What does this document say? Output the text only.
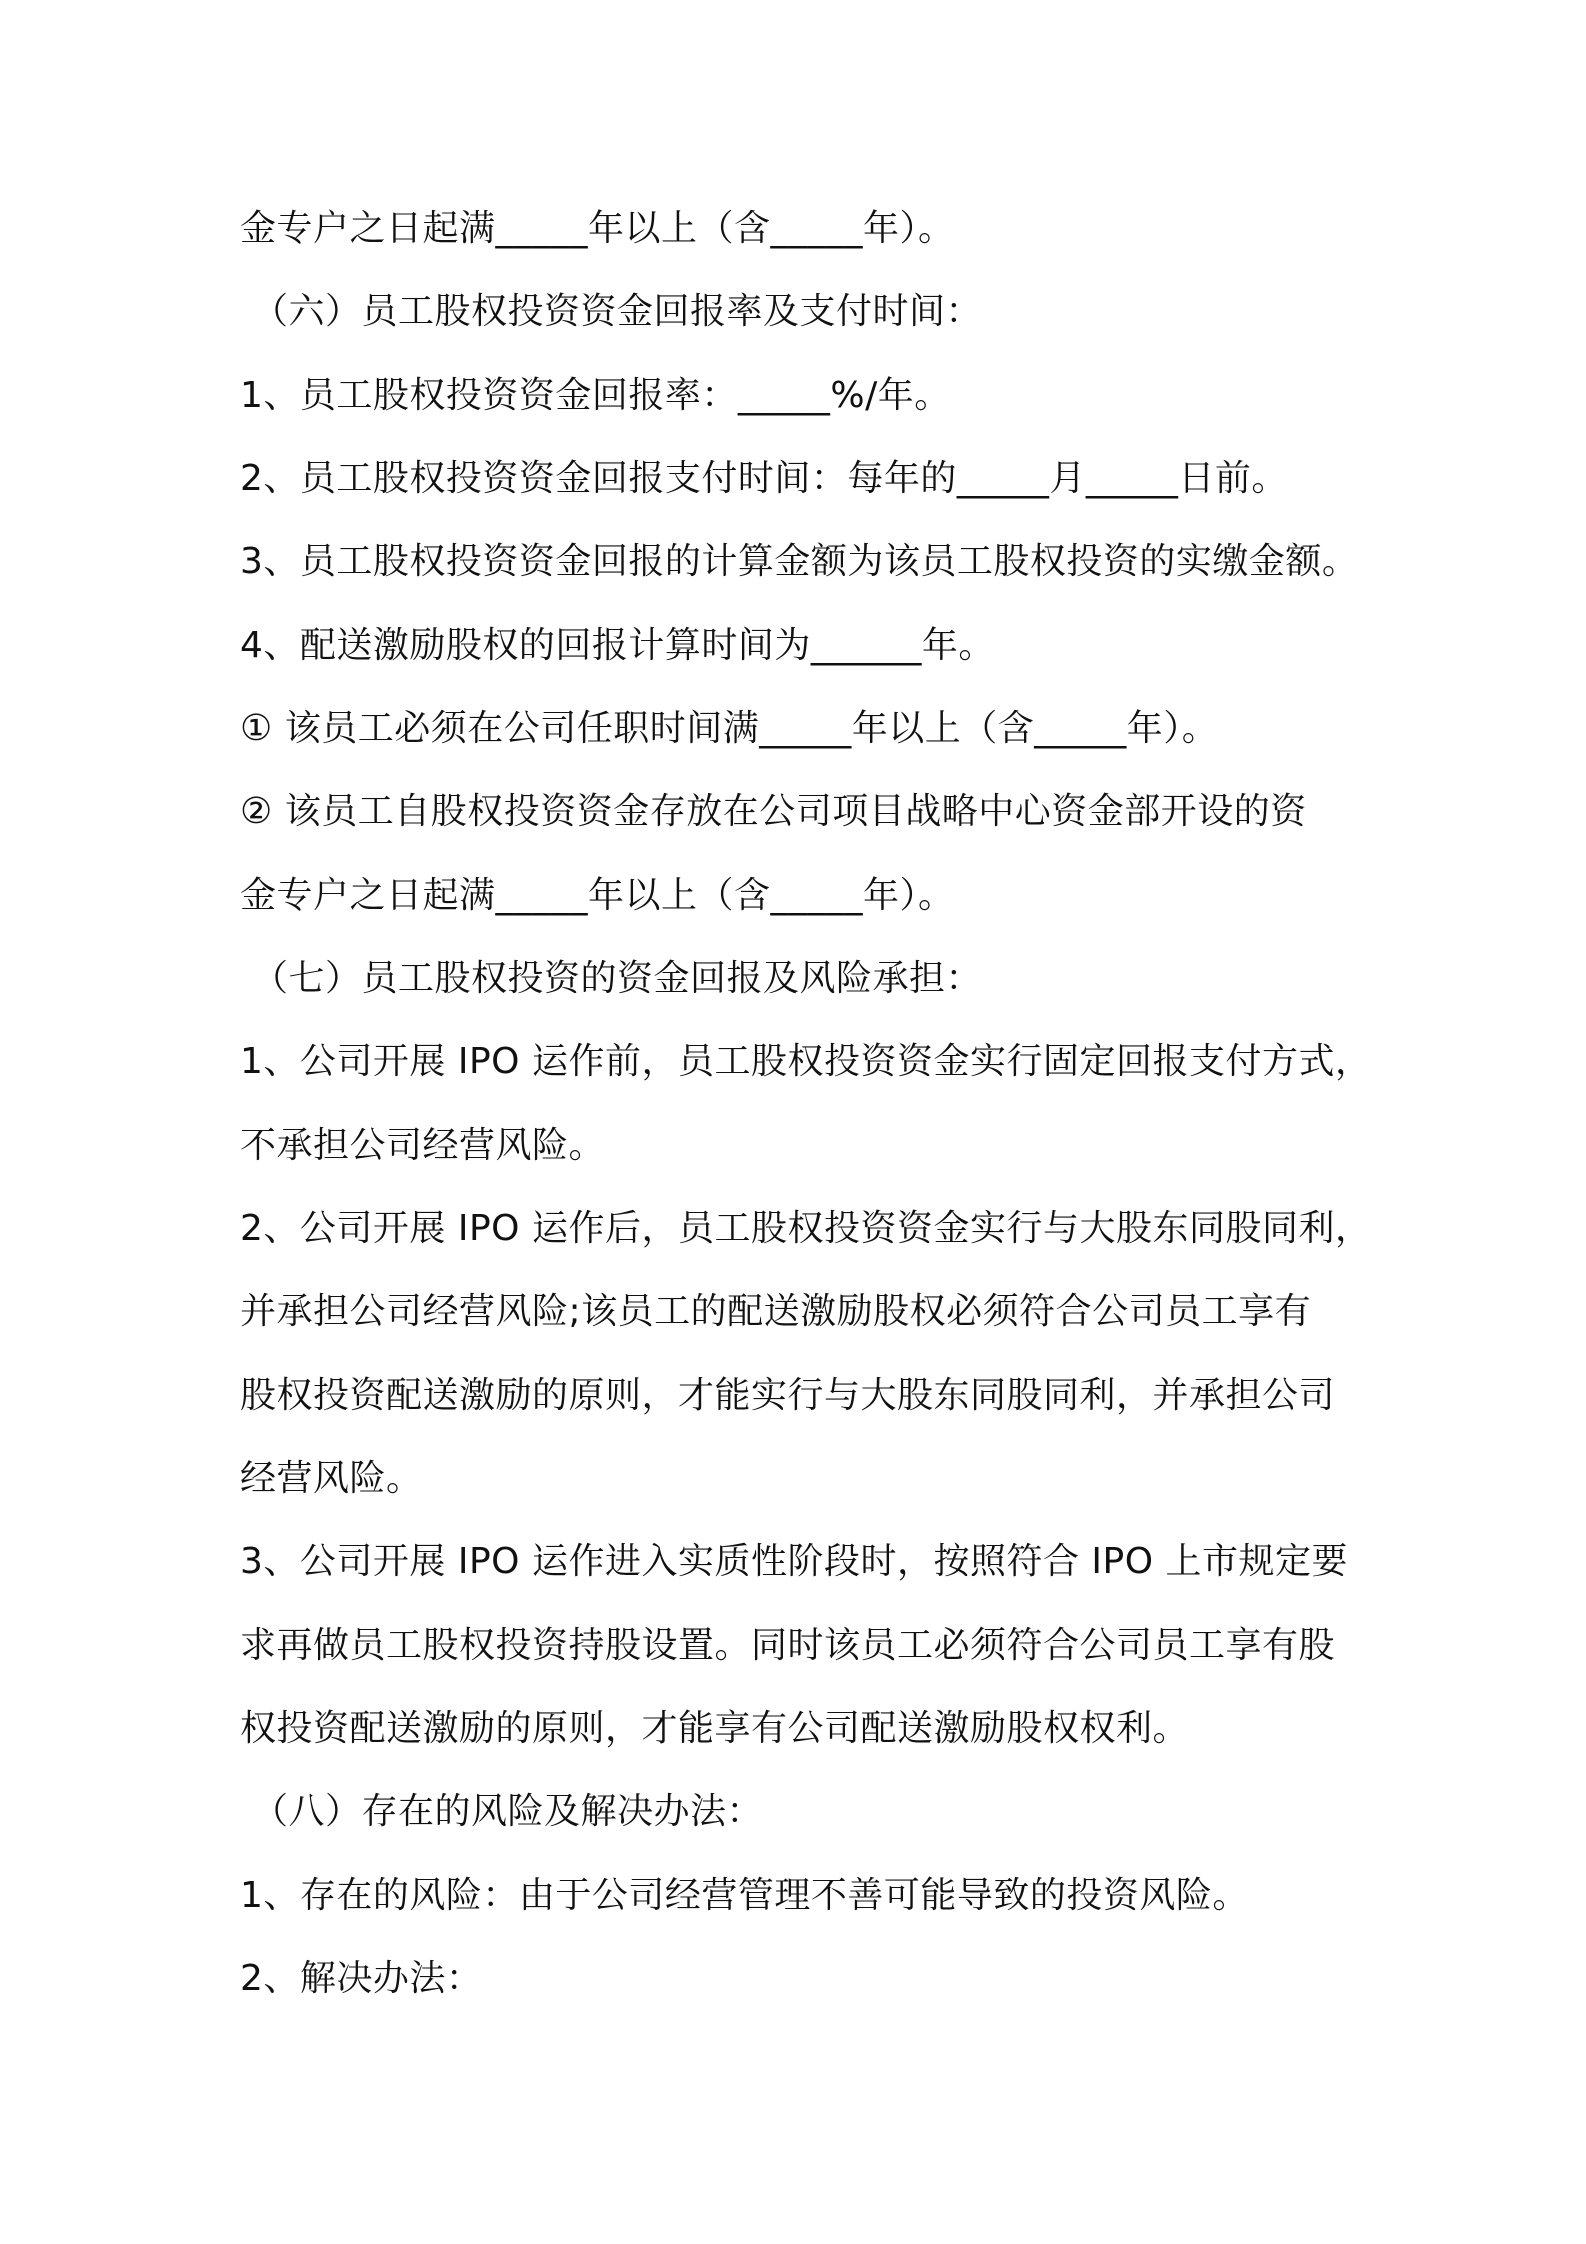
金专户之日起满_____年以上（含_____年）。
（六）员工股权投资资金回报率及支付时间：
1、员工股权投资资金回报率：_____%/年。
2、员工股权投资资金回报支付时间：每年的_____月_____日前。
3、员工股权投资资金回报的计算金额为该员工股权投资的实缴金额。
4、配送激励股权的回报计算时间为______年。
① 该员工必须在公司任职时间满_____年以上（含_____年）。
② 该员工自股权投资资金存放在公司项目战略中心资金部开设的资
金专户之日起满_____年以上（含_____年）。
（七）员工股权投资的资金回报及风险承担：
1、公司开展 IPO 运作前，员工股权投资资金实行固定回报支付方式，
不承担公司经营风险。
2、公司开展 IPO 运作后，员工股权投资资金实行与大股东同股同利，
并承担公司经营风险;该员工的配送激励股权必须符合公司员工享有
股权投资配送激励的原则，才能实行与大股东同股同利，并承担公司
经营风险。
3、公司开展 IPO 运作进入实质性阶段时，按照符合 IPO 上市规定要
求再做员工股权投资持股设置。同时该员工必须符合公司员工享有股
权投资配送激励的原则，才能享有公司配送激励股权权利。
（八）存在的风险及解决办法：
1、存在的风险：由于公司经营管理不善可能导致的投资风险。
2、解决办法：
